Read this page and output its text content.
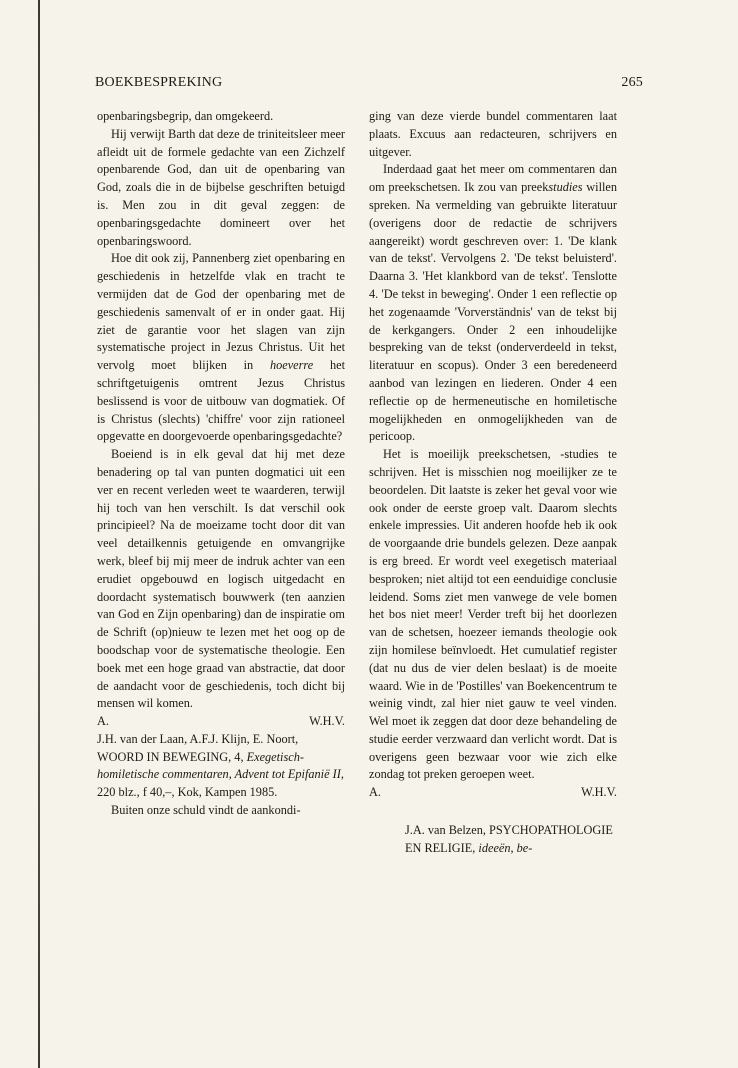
BOEKBESPREKING	265

openbaringsbegrip, dan omgekeerd.

Hij verwijt Barth dat deze de triniteitsleer meer afleidt uit de formele gedachte van een Zichzelf openbarende God, dan uit de openbaring van God, zoals die in de bijbelse geschriften betuigd is. Men zou in dit geval zeggen: de openbaringsgedachte domineert over het openbaringswoord.

Hoe dit ook zij, Pannenberg ziet openbaring en geschiedenis in hetzelfde vlak en tracht te vermijden dat de God der openbaring met de geschiedenis samenvalt of er in onder gaat. Hij ziet de garantie voor het slagen van zijn systematische project in Jezus Christus. Uit het vervolg moet blijken in hoeverre het schriftgetuigenis omtrent Jezus Christus beslissend is voor de uitbouw van dogmatiek. Of is Christus (slechts) 'chiffre' voor zijn rationeel opgevatte en doorgevoerde openbaringsgedachte?

Boeiend is in elk geval dat hij met deze benadering op tal van punten dogmatici uit een ver en recent verleden weet te waarderen, terwijl hij toch van hen verschilt. Is dat verschil ook principieel? Na de moeizame tocht door dit van veel detailkennis getuigende en omvangrijke werk, bleef bij mij meer de indruk achter van een erudiet opgebouwd en logisch uitgedacht en doordacht systematisch bouwwerk (ten aanzien van God en Zijn openbaring) dan de inspiratie om de Schrift (op)nieuw te lezen met het oog op de boodschap voor de systematische theologie. Een boek met een hoge graad van abstractie, dat door de aandacht voor de geschiedenis, toch dicht bij mensen wil komen.

A.	W.H.V.

J.H. van der Laan, A.F.J. Klijn, E. Noort, WOORD IN BEWEGING, 4, Exegetisch-homiletische commentaren, Advent tot Epifanië II, 220 blz., f 40,–, Kok, Kampen 1985.

Buiten onze schuld vindt de aankondi-

ging van deze vierde bundel commentaren laat plaats. Excuus aan redacteuren, schrijvers en uitgever.

Inderdaad gaat het meer om commentaren dan om preekschetsen. Ik zou van preekstudies willen spreken. Na vermelding van gebruikte literatuur (overigens door de redactie de schrijvers aangereikt) wordt geschreven over: 1. 'De klank van de tekst'. Vervolgens 2. 'De tekst beluisterd'. Daarna 3. 'Het klankbord van de tekst'. Tenslotte 4. 'De tekst in beweging'. Onder 1 een reflectie op het zogenaamde 'Vorverständnis' van de tekst bij de kerkgangers. Onder 2 een inhoudelijke bespreking van de tekst (onderverdeeld in tekst, literatuur en scopus). Onder 3 een beredeneerd aanbod van lezingen en liederen. Onder 4 een reflectie op de hermeneutische en homiletische mogelijkheden en onmogelijkheden van de pericoop.

Het is moeilijk preekschetsen, -studies te schrijven. Het is misschien nog moeilijker ze te beoordelen. Dit laatste is zeker het geval voor wie ook onder de eerste groep valt. Daarom slechts enkele impressies. Uit anderen hoofde heb ik ook de voorgaande drie bundels gelezen. Deze aanpak is erg breed. Er wordt veel exegetisch materiaal besproken; niet altijd tot een eenduidige conclusie leidend. Soms ziet men vanwege de vele bomen het bos niet meer! Verder treft bij het doorlezen van de schetsen, hoezeer iemands theologie ook zijn homilese beïnvloedt. Het cumulatief register (dat nu dus de vier delen beslaat) is de moeite waard. Wie in de 'Postilles' van Boekencentrum te weinig vindt, zal hier niet gauw te veel vinden. Wel moet ik zeggen dat door deze behandeling de studie eerder verzwaard dan verlicht wordt. Dat is overigens geen bezwaar voor wie zich elke zondag tot preken geroepen weet.

A.	W.H.V.

J.A. van Belzen, PSYCHOPATHOLOGIE EN RELIGIE, ideeën, be-
